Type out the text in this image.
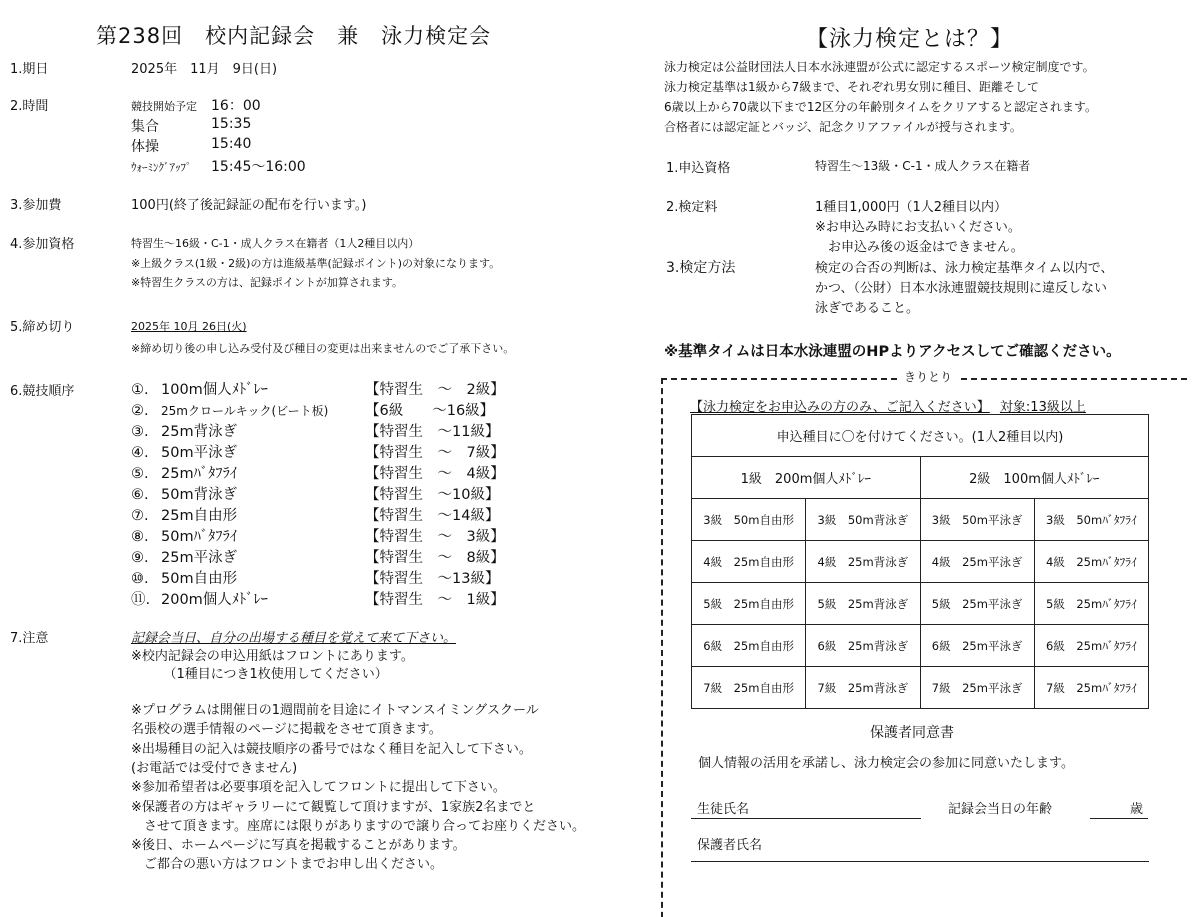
第238回　校内記録会　兼　泳力検定会
1.期日	2025年　11月　9日(日)
2.時間	競技開始予定 16：00
集合	15:35
体操	15:40
ｳｫｰﾐﾝｸﾞｱｯﾌﾟ 15:45～16:00
3.参加費	100円(終了後記録証の配布を行います。)
4.参加資格	特習生～16級・C-1・成人クラス在籍者（1人2種目以内）
※上級クラス(1級・2級)の方は進級基準(記録ポイント)の対象になります。
※特習生クラスの方は、記録ポイントが加算されます。
5.締め切り	2025年 10月 26日(火)
※締め切り後の申し込み受付及び種目の変更は出来ませんのでご了承下さい。
6.競技順序	①. 100m個人ﾒﾄﾞﾚｰ	【特習生　～　2級】
②. 25mクロールキック(ビート板)	【6級　　～16級】
③. 25m背泳ぎ	【特習生　～11級】
④. 50m平泳ぎ	【特習生　～　7級】
⑤. 25mﾊﾞﾀﾌﾗｲ	【特習生　～　4級】
⑥. 50m背泳ぎ	【特習生　～10級】
⑦. 25m自由形	【特習生　～14級】
⑧. 50mﾊﾞﾀﾌﾗｲ	【特習生　～　3級】
⑨. 25m平泳ぎ	【特習生　～　8級】
⑩. 50m自由形	【特習生　～13級】
⑪. 200m個人ﾒﾄﾞﾚｰ	【特習生　～　1級】
7.注意	記録会当日、自分の出場する種目を覚えて来て下さい。
※校内記録会の申込用紙はフロントにあります。
　　　（1種目につき1枚使用してください）
※プログラムは開催日の1週間前を目途にイトマンスイミングスクール
名張校の選手情報のページに掲載をさせて頂きます。
※出場種目の記入は競技順序の番号ではなく種目を記入して下さい。
(お電話では受付できません)
※参加希望者は必要事項を記入してフロントに提出して下さい。
※保護者の方はギャラリーにて観覧して頂けますが、1家族2名までと
　させて頂きます。座席には限りがありますので譲り合ってお座りください。
※後日、ホームページに写真を掲載することがあります。
　ご都合の悪い方はフロントまでお申し出ください。
【泳力検定とは？】
泳力検定は公益財団法人日本水泳連盟が公式に認定するスポーツ検定制度です。
泳力検定基準は1級から7級まで、それぞれ男女別に種目、距離そして
6歳以上から70歳以下まで12区分の年齢別タイムをクリアすると認定されます。
合格者には認定証とバッジ、記念クリアファイルが授与されます。
1.申込資格	特習生～13級・C-1・成人クラス在籍者
2.検定料	1種目1,000円（1人2種目以内）
※お申込み時にお支払いください。
　お申込み後の返金はできません。
3.検定方法	検定の合否の判断は、泳力検定基準タイム以内で、
かつ、（公財）日本水泳連盟競技規則に違反しない
泳ぎであること。
※基準タイムは日本水泳連盟のHPよりアクセスしてご確認ください。
きりとり
【泳力検定をお申込みの方のみ、ご記入ください】 対象:13級以上
申込種目に〇を付けてください。(1人2種目以内)			
1級　200m個人ﾒﾄﾞﾚｰ		2級　100m個人ﾒﾄﾞﾚｰ	
3級　50m自由形	3級　50m背泳ぎ	3級　50m平泳ぎ	3級　50mﾊﾞﾀﾌﾗｲ
4級　25m自由形	4級　25m背泳ぎ	4級　25m平泳ぎ	4級　25mﾊﾞﾀﾌﾗｲ
5級　25m自由形	5級　25m背泳ぎ	5級　25m平泳ぎ	5級　25mﾊﾞﾀﾌﾗｲ
6級　25m自由形	6級　25m背泳ぎ	6級　25m平泳ぎ	6級　25mﾊﾞﾀﾌﾗｲ
7級　25m自由形	7級　25m背泳ぎ	7級　25m平泳ぎ	7級　25mﾊﾞﾀﾌﾗｲ
保護者同意書
個人情報の活用を承諾し、泳力検定会の参加に同意いたします。
生徒氏名	記録会当日の年齢	歳
保護者氏名
